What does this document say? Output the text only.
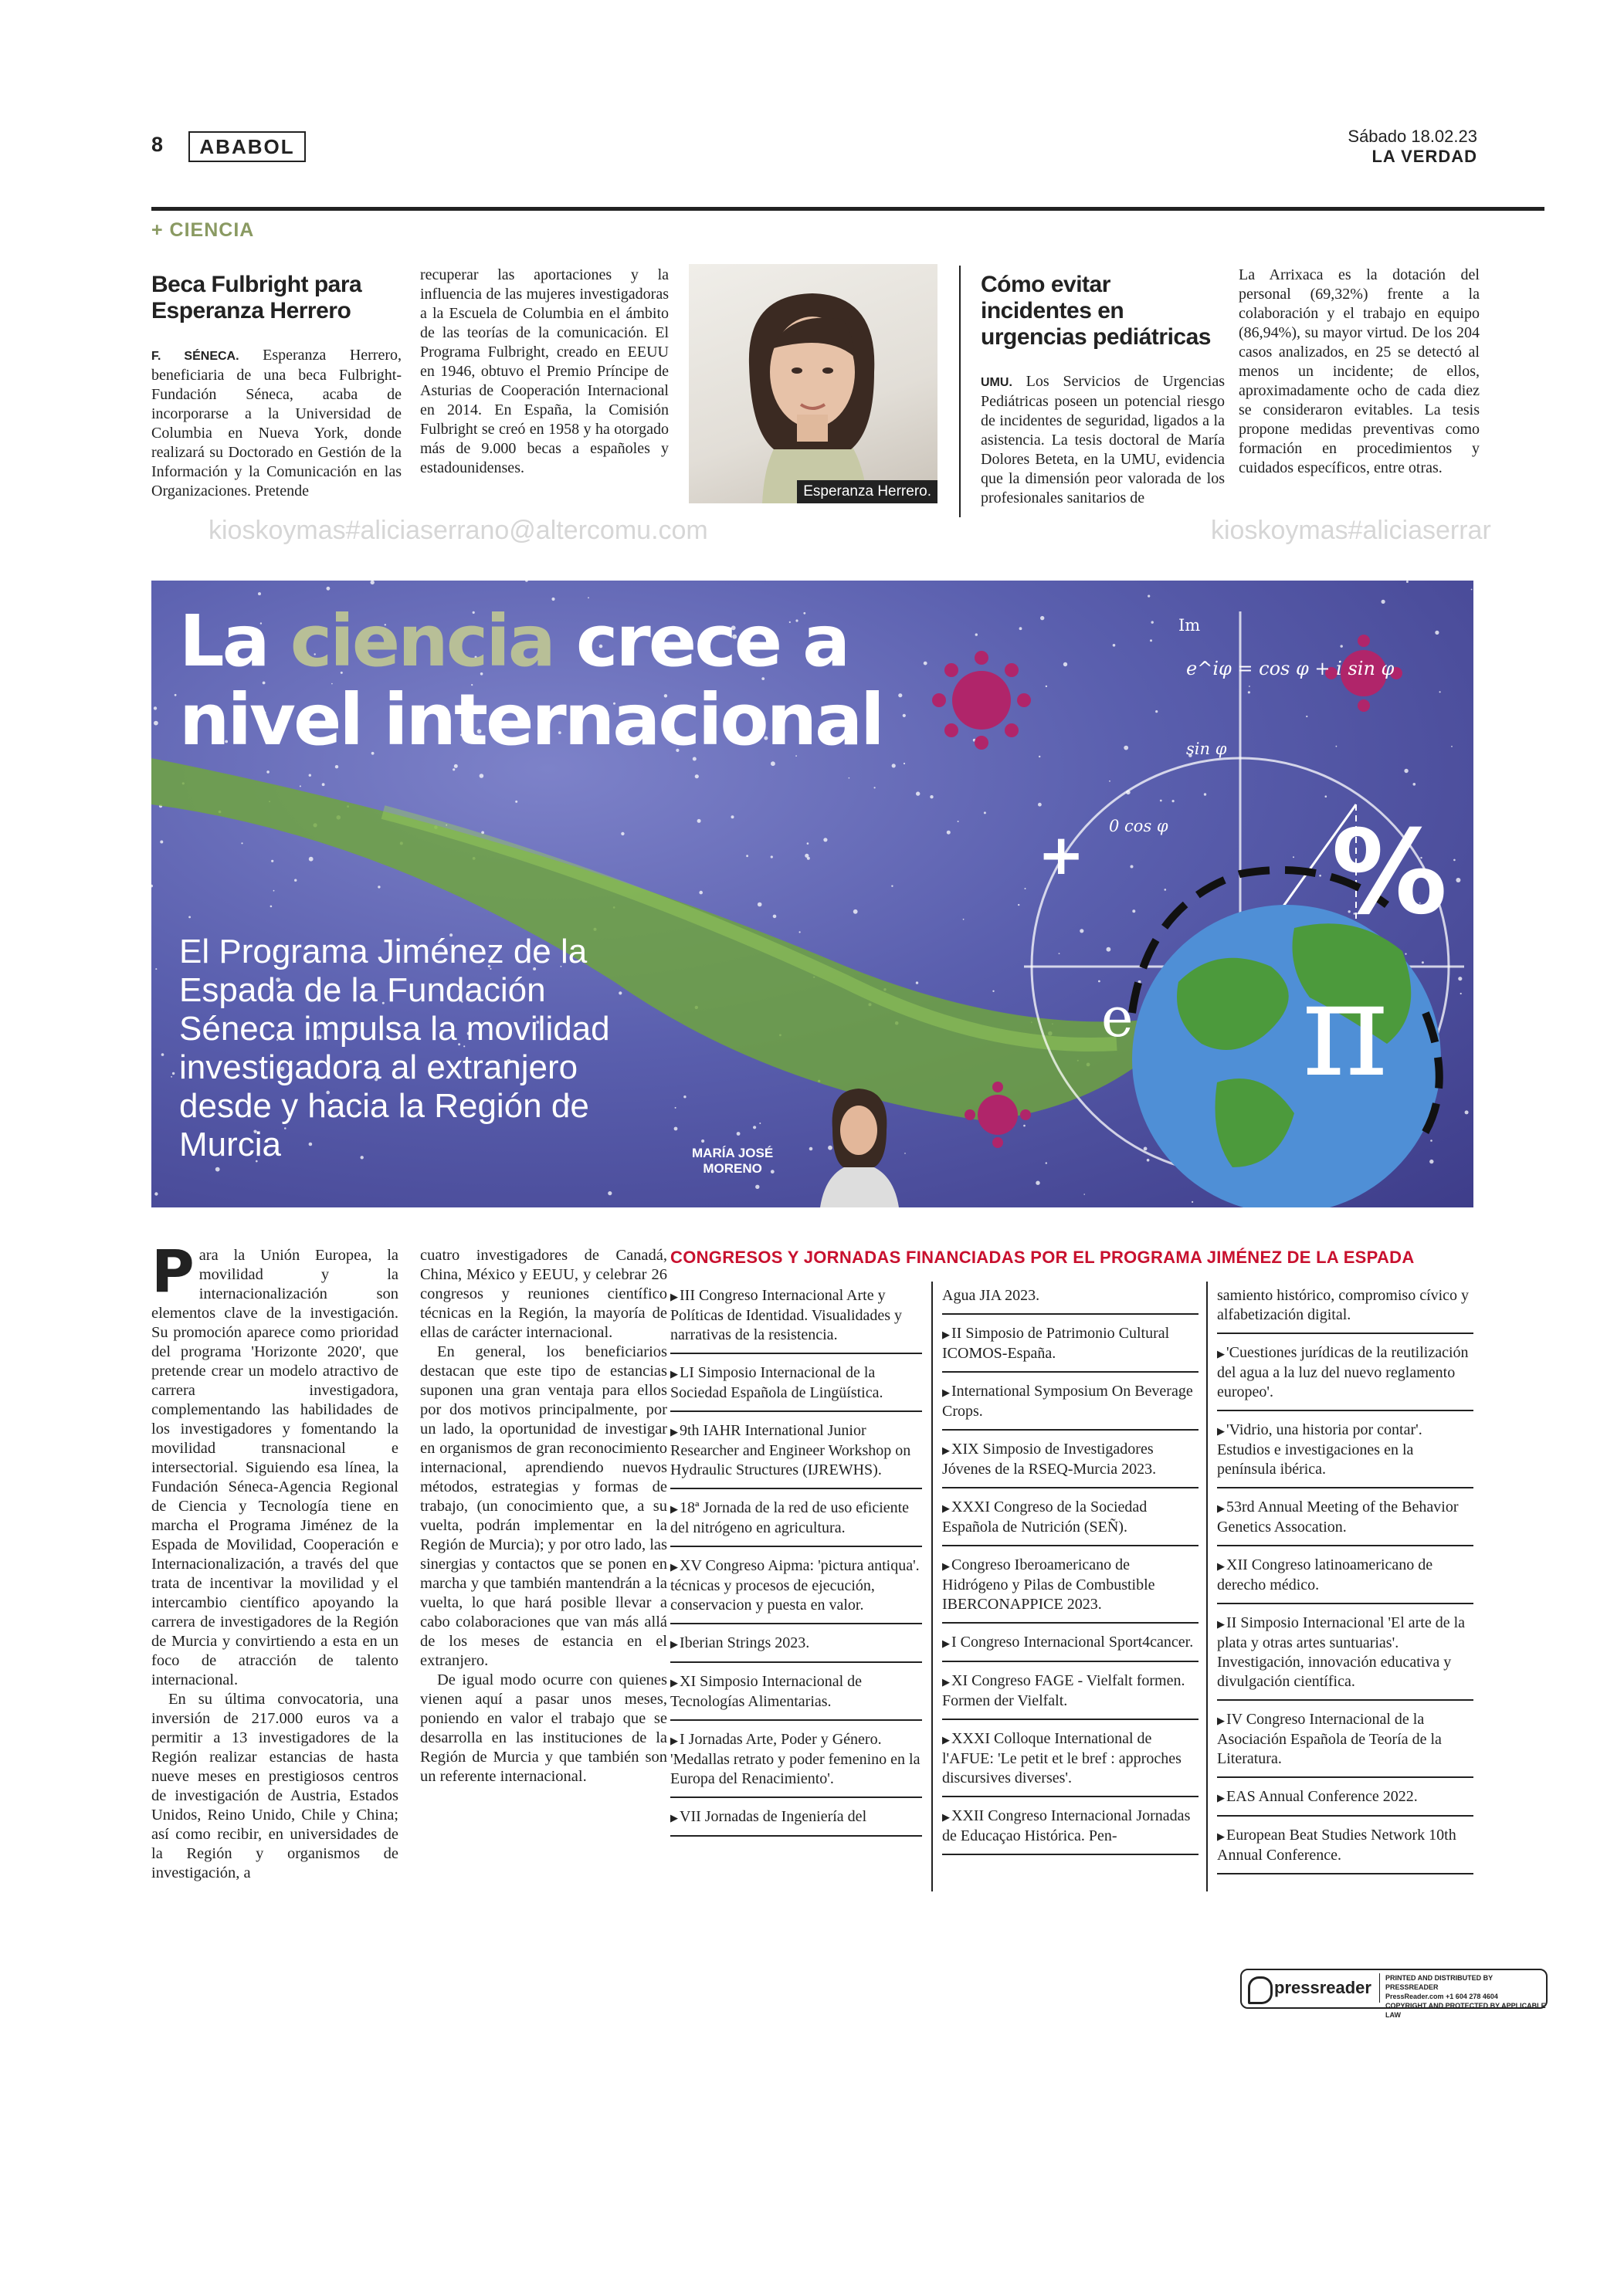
8	ABABOL	Sábado 18.02.23
LA VERDAD
+ CIENCIA
Beca Fulbright para Esperanza Herrero
F. SÉNECA. Esperanza Herrero, beneficiaria de una beca Fulbright-Fundación Séneca, acaba de incorporarse a la Universidad de Columbia en Nueva York, donde realizará su Doctorado en Gestión de la Información y la Comunicación en las Organizaciones. Pretende
recuperar las aportaciones y la influencia de las mujeres investigadoras a la Escuela de Columbia en el ámbito de las teorías de la comunicación. El Programa Fulbright, creado en EEUU en 1946, obtuvo el Premio Príncipe de Asturias de Cooperación Internacional en 2014. En España, la Comisión Fulbright se creó en 1958 y ha otorgado más de 9.000 becas a españoles y estadounidenses.
Esperanza Herrero.
Cómo evitar incidentes en urgencias pediátricas
UMU. Los Servicios de Urgencias Pediátricas poseen un potencial riesgo de incidentes de seguridad, ligados a la asistencia. La tesis doctoral de María Dolores Beteta, en la UMU, evidencia que la dimensión peor valorada de los profesionales sanitarios de
La Arrixaca es la dotación del personal (69,32%) frente a la colaboración y el trabajo en equipo (86,94%), su mayor virtud. De los 204 casos analizados, en 25 se detectó al menos un incidente; de ellos, aproximadamente ocho de cada diez se consideraron evitables. La tesis propone medidas preventivas como formación en procedimientos y cuidados específicos, entre otras.
kioskoymas#aliciaserrano@altercomu.com	kioskoymas#aliciaserrar
+ %
π
e
Im
e^iφ = cos φ + i sin φ
sin φ
0 cos φ
La ciencia crece a
nivel internacional
El Programa Jiménez de la Espada de la Fundación Séneca impulsa la movilidad investigadora al extranjero desde y hacia la Región de Murcia	MARÍA JOSÉ
MORENO

Para la Unión Europea, la movilidad y la internacionalización son elementos clave de la investigación. Su promoción aparece como prioridad del programa 'Horizonte 2020', que pretende crear un modelo atractivo de carrera investigadora, complementando las habilidades de los investigadores y fomentando la movilidad transnacional e intersectorial. Siguiendo esa línea, la Fundación Séneca-Agencia Regional de Ciencia y Tecnología tiene en marcha el Programa Jiménez de la Espada de Movilidad, Cooperación e Internacionalización, a través del que trata de incentivar la movilidad y el intercambio científico apoyando la carrera de investigadores de la Región de Murcia y convirtiendo a esta en un foco de atracción de talento internacional.

En su última convocatoria, una inversión de 217.000 euros va a permitir a 13 investigadores de la Región realizar estancias de hasta nueve meses en prestigiosos centros de investigación de Austria, Estados Unidos, Reino Unido, Chile y China; así como recibir, en universidades de la Región y organismos de investigación, a

cuatro investigadores de Canadá, China, México y EEUU, y celebrar 26 congresos y reuniones científico técnicas en la Región, la mayoría de ellas de carácter internacional.

En general, los beneficiarios destacan que este tipo de estancias suponen una gran ventaja para ellos por dos motivos principalmente, por un lado, la oportunidad de investigar en organismos de gran reconocimiento internacional, aprendiendo nuevos métodos, estrategias y formas de trabajo, (un conocimiento que, a su vuelta, podrán implementar en la Región de Murcia); y por otro lado, las sinergias y contactos que se ponen en marcha y que también mantendrán a la vuelta, lo que hará posible llevar a cabo colaboraciones que van más allá de los meses de estancia en el extranjero.

De igual modo ocurre con quienes vienen aquí a pasar unos meses, poniendo en valor el trabajo que se desarrolla en las instituciones de la Región de Murcia y que también son un referente internacional.

CONGRESOS Y JORNADAS FINANCIADAS POR EL PROGRAMA JIMÉNEZ DE LA ESPADA
▶ III Congreso Internacional Arte y Políticas de Identidad. Visualidades y narrativas de la resistencia.
▶ LI Simposio Internacional de la Sociedad Española de Lingüística.
▶ 9th IAHR International Junior Researcher and Engineer Workshop on Hydraulic Structures (IJREWHS).
▶ 18ª Jornada de la red de uso eficiente del nitrógeno en agricultura.
▶ XV Congreso Aipma: 'pictura antiqua'. técnicas y procesos de ejecución, conservacion y puesta en valor.
▶ Iberian Strings 2023.
▶ XI Simposio Internacional de Tecnologías Alimentarias.
▶ I Jornadas Arte, Poder y Género. 'Medallas retrato y poder femenino en la Europa del Renacimiento'.
▶ VII Jornadas de Ingeniería del
Agua JIA 2023.
▶ II Simposio de Patrimonio Cultural ICOMOS-España.
▶ International Symposium On Beverage Crops.
▶ XIX Simposio de Investigadores Jóvenes de la RSEQ-Murcia 2023.
▶ XXXI Congreso de la Sociedad Española de Nutrición (SEÑ).
▶ Congreso Iberoamericano de Hidrógeno y Pilas de Combustible IBERCONAPPICE 2023.
▶ I Congreso Internacional Sport4cancer.
▶ XI Congreso FAGE - Vielfalt formen. Formen der Vielfalt.
▶ XXXI Colloque International de l'AFUE: 'Le petit et le bref : approches discursives diverses'.
▶ XXII Congreso Internacional Jornadas de Educaçao Histórica. Pen-
samiento histórico, compromiso cívico y alfabetización digital.
▶ 'Cuestiones jurídicas de la reutilización del agua a la luz del nuevo reglamento europeo'.
▶ 'Vidrio, una historia por contar'. Estudios e investigaciones en la península ibérica.
▶ 53rd Annual Meeting of the Behavior Genetics Assocation.
▶ XII Congreso latinoamericano de derecho médico.
▶ II Simposio Internacional 'El arte de la plata y otras artes suntuarias'. Investigación, innovación educativa y divulgación científica.
▶ IV Congreso Internacional de la Asociación Española de Teoría de la Literatura.
▶ EAS Annual Conference 2022.
▶ European Beat Studies Network 10th Annual Conference.
pressreader PRINTED AND DISTRIBUTED BY PRESSREADER
PressReader.com +1 604 278 4604
COPYRIGHT AND PROTECTED BY APPLICABLE LAW
